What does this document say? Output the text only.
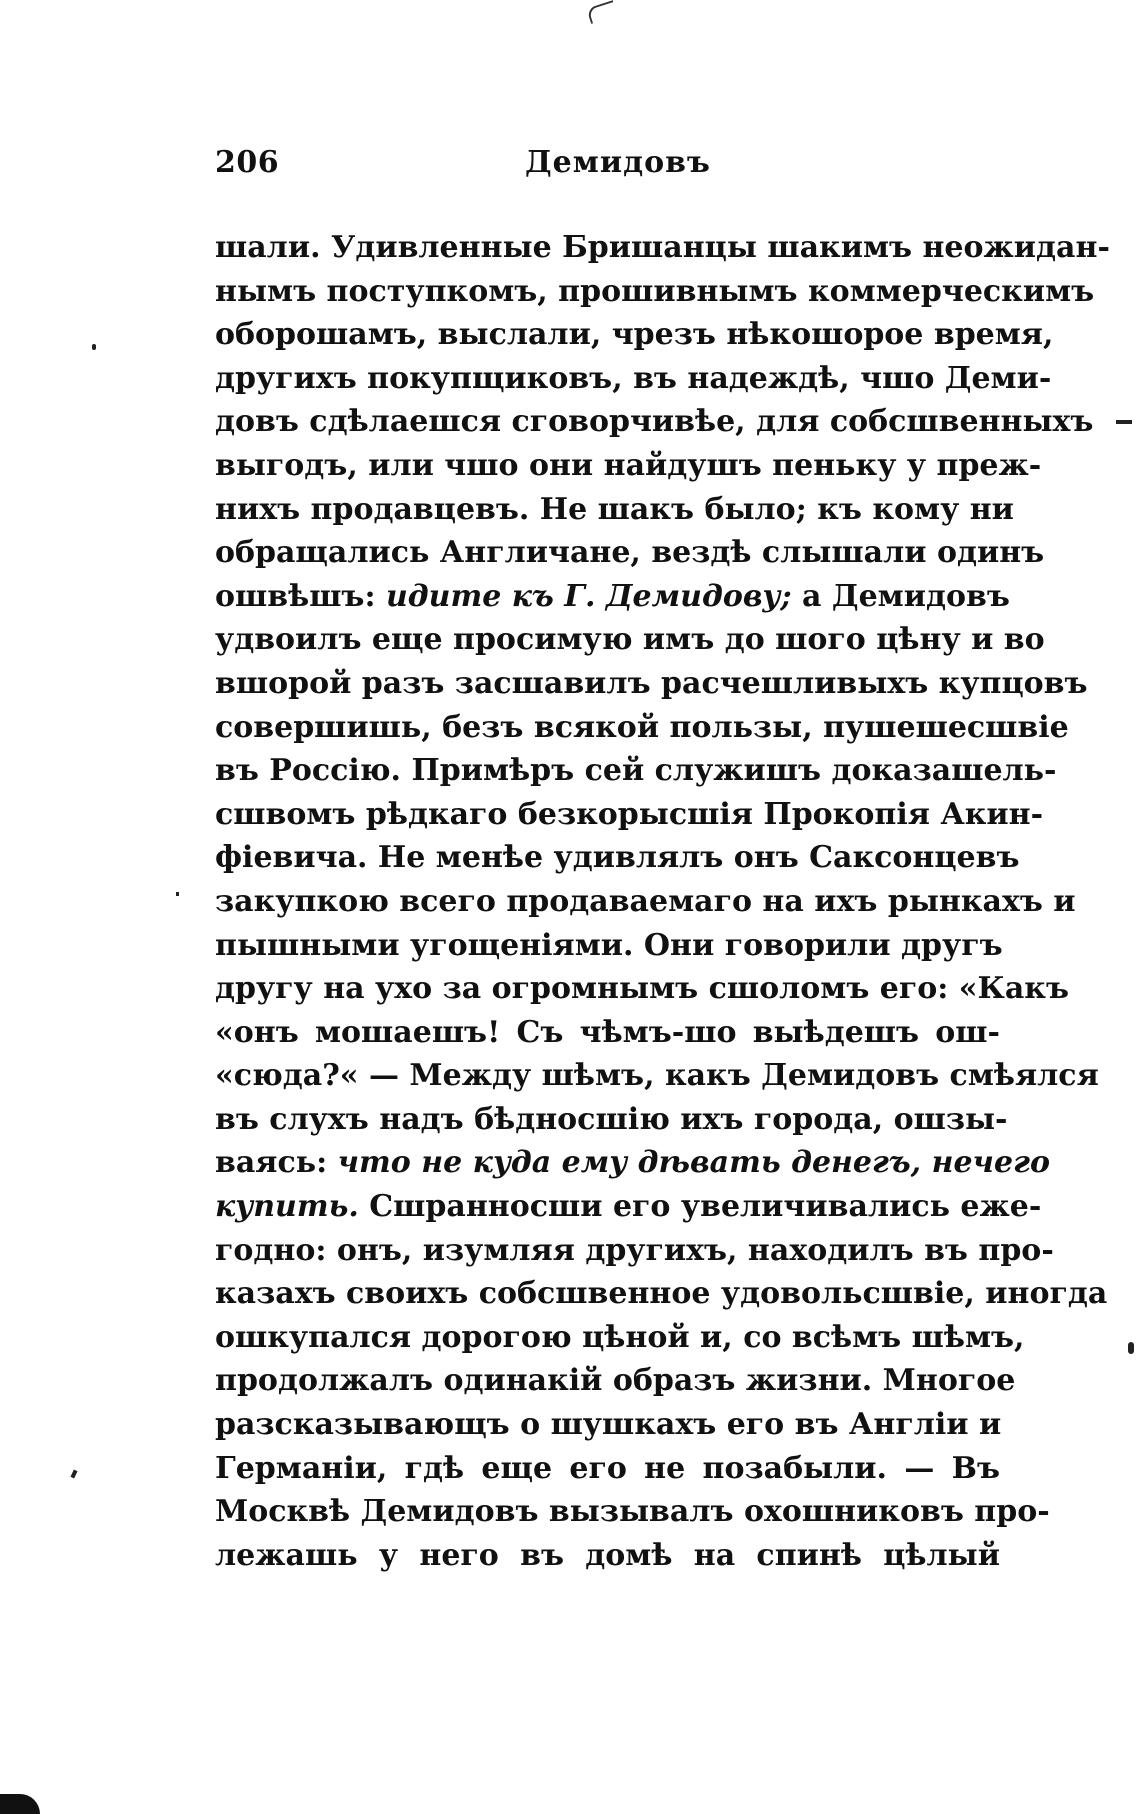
206	Демидовъ
шали. Удивленные Бришанцы шакимъ неожидан-
нымъ поступкомъ, прошивнымъ коммерческимъ
оборошамъ, выслали, чрезъ нѣкошорое время,
другихъ покупщиковъ, въ надеждѣ, чшо Деми-
довъ сдѣлаешся сговорчивѣе, для собсшвенныхъ
выгодъ, или чшо они найдушъ пеньку у преж-
нихъ продавцевъ. Не шакъ было; къ кому ни
обращались Англичане, вездѣ слышали одинъ
ошвѣшъ: идите къ Г. Демидову; а Демидовъ
удвоилъ еще просимую имъ до шого цѣну и во
вшорой разъ засшавилъ расчешливыхъ купцовъ
совершишь, безъ всякой пользы, пушешесшвіе
въ Россію. Примѣръ сей служишъ доказашель-
сшвомъ рѣдкаго безкорысшія Прокопія Акин-
фіевича. Не менѣе удивлялъ онъ Саксонцевъ
закупкою всего продаваемаго на ихъ рынкахъ и
пышными угощеніями. Они говорили другъ
другу на ухо за огромнымъ сшоломъ его: «Какъ
«онъ мошаешъ! Съ чѣмъ-шо выѣдешъ ош-
«сюда?« — Между шѣмъ, какъ Демидовъ смѣялся
въ слухъ надъ бѣдносшію ихъ города, ошзы-
ваясь: что не куда ему дѣвать денегъ, нечего
купить. Сшранносши его увеличивались еже-
годно: онъ, изумляя другихъ, находилъ въ про-
казахъ своихъ собсшвенное удовольсшвіе, иногда
ошкупался дорогою цѣной и, со всѣмъ шѣмъ,
продолжалъ одинакій образъ жизни. Многое
разсказывающъ о шушкахъ его въ Англіи и
Германіи, гдѣ еще его не позабыли. — Въ
Москвѣ Демидовъ вызывалъ охошниковъ про-
лежашь у него въ домѣ на спинѣ цѣлый
